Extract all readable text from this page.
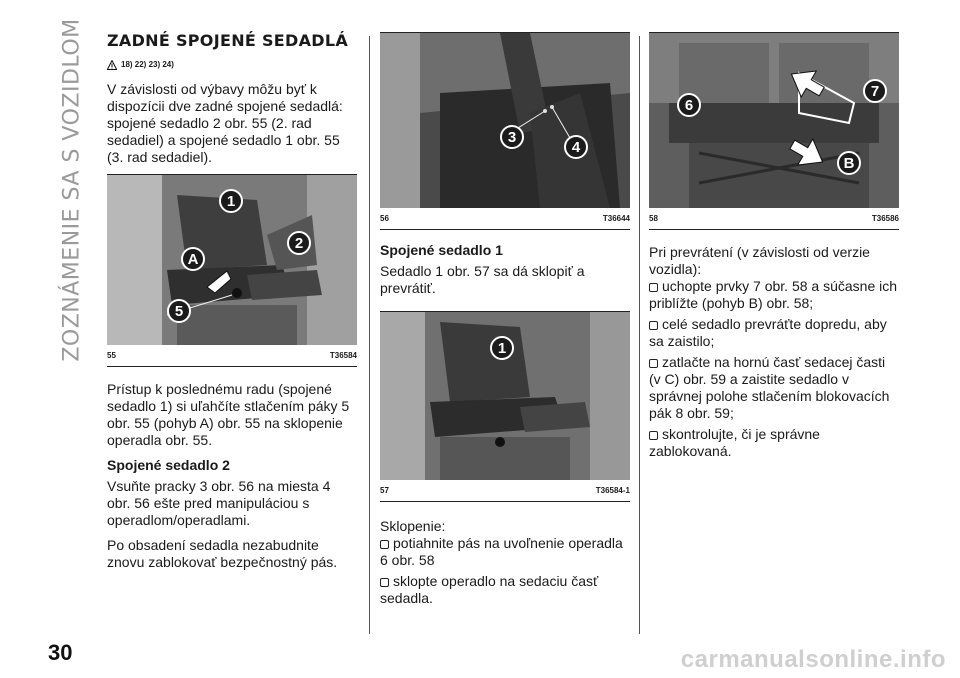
ZOZNÁMENIE SA S VOZIDLOM
30
ZADNÉ SPOJENÉ SEDADLÁ
18) 22) 23) 24)

V závislosti od výbavy môžu byť k dispozícii dve zadné spojené sedadlá: spojené sedadlo 2 obr. 55 (2. rad sedadiel) a spojené sedadlo 1 obr. 55 (3. rad sedadiel).

1
2
A
5
55	T36584

Prístup k poslednému radu (spojené sedadlo 1) si uľahčíte stlačením páky 5 obr. 55 (pohyb A) obr. 55 na sklopenie operadla obr. 55.

Spojené sedadlo 2

Vsuňte pracky 3 obr. 56 na miesta 4 obr. 56 ešte pred manipuláciou s operadlom/operadlami.

Po obsadení sedadla nezabudnite znovu zablokovať bezpečnostný pás.

3
4
56	T36644
Spojené sedadlo 1

Sedadlo 1 obr. 57 sa dá sklopiť a prevrátiť.

1
57	T36584-1

Sklopenie:

potiahnite pás na uvoľnenie operadla 6 obr. 58

sklopte operadlo na sedaciu časť sedadla.

6
7
B
58	T36586

Pri prevrátení (v závislosti od verzie vozidla):

uchopte prvky 7 obr. 58 a súčasne ich priblížte (pohyb B) obr. 58;

celé sedadlo prevráťte dopredu, aby sa zaistilo;

zatlačte na hornú časť sedacej časti (v C) obr. 59 a zaistite sedadlo v správnej polohe stlačením blokovacích pák 8 obr. 59;

skontrolujte, či je správne zablokovaná.

carmanualsonline.info
